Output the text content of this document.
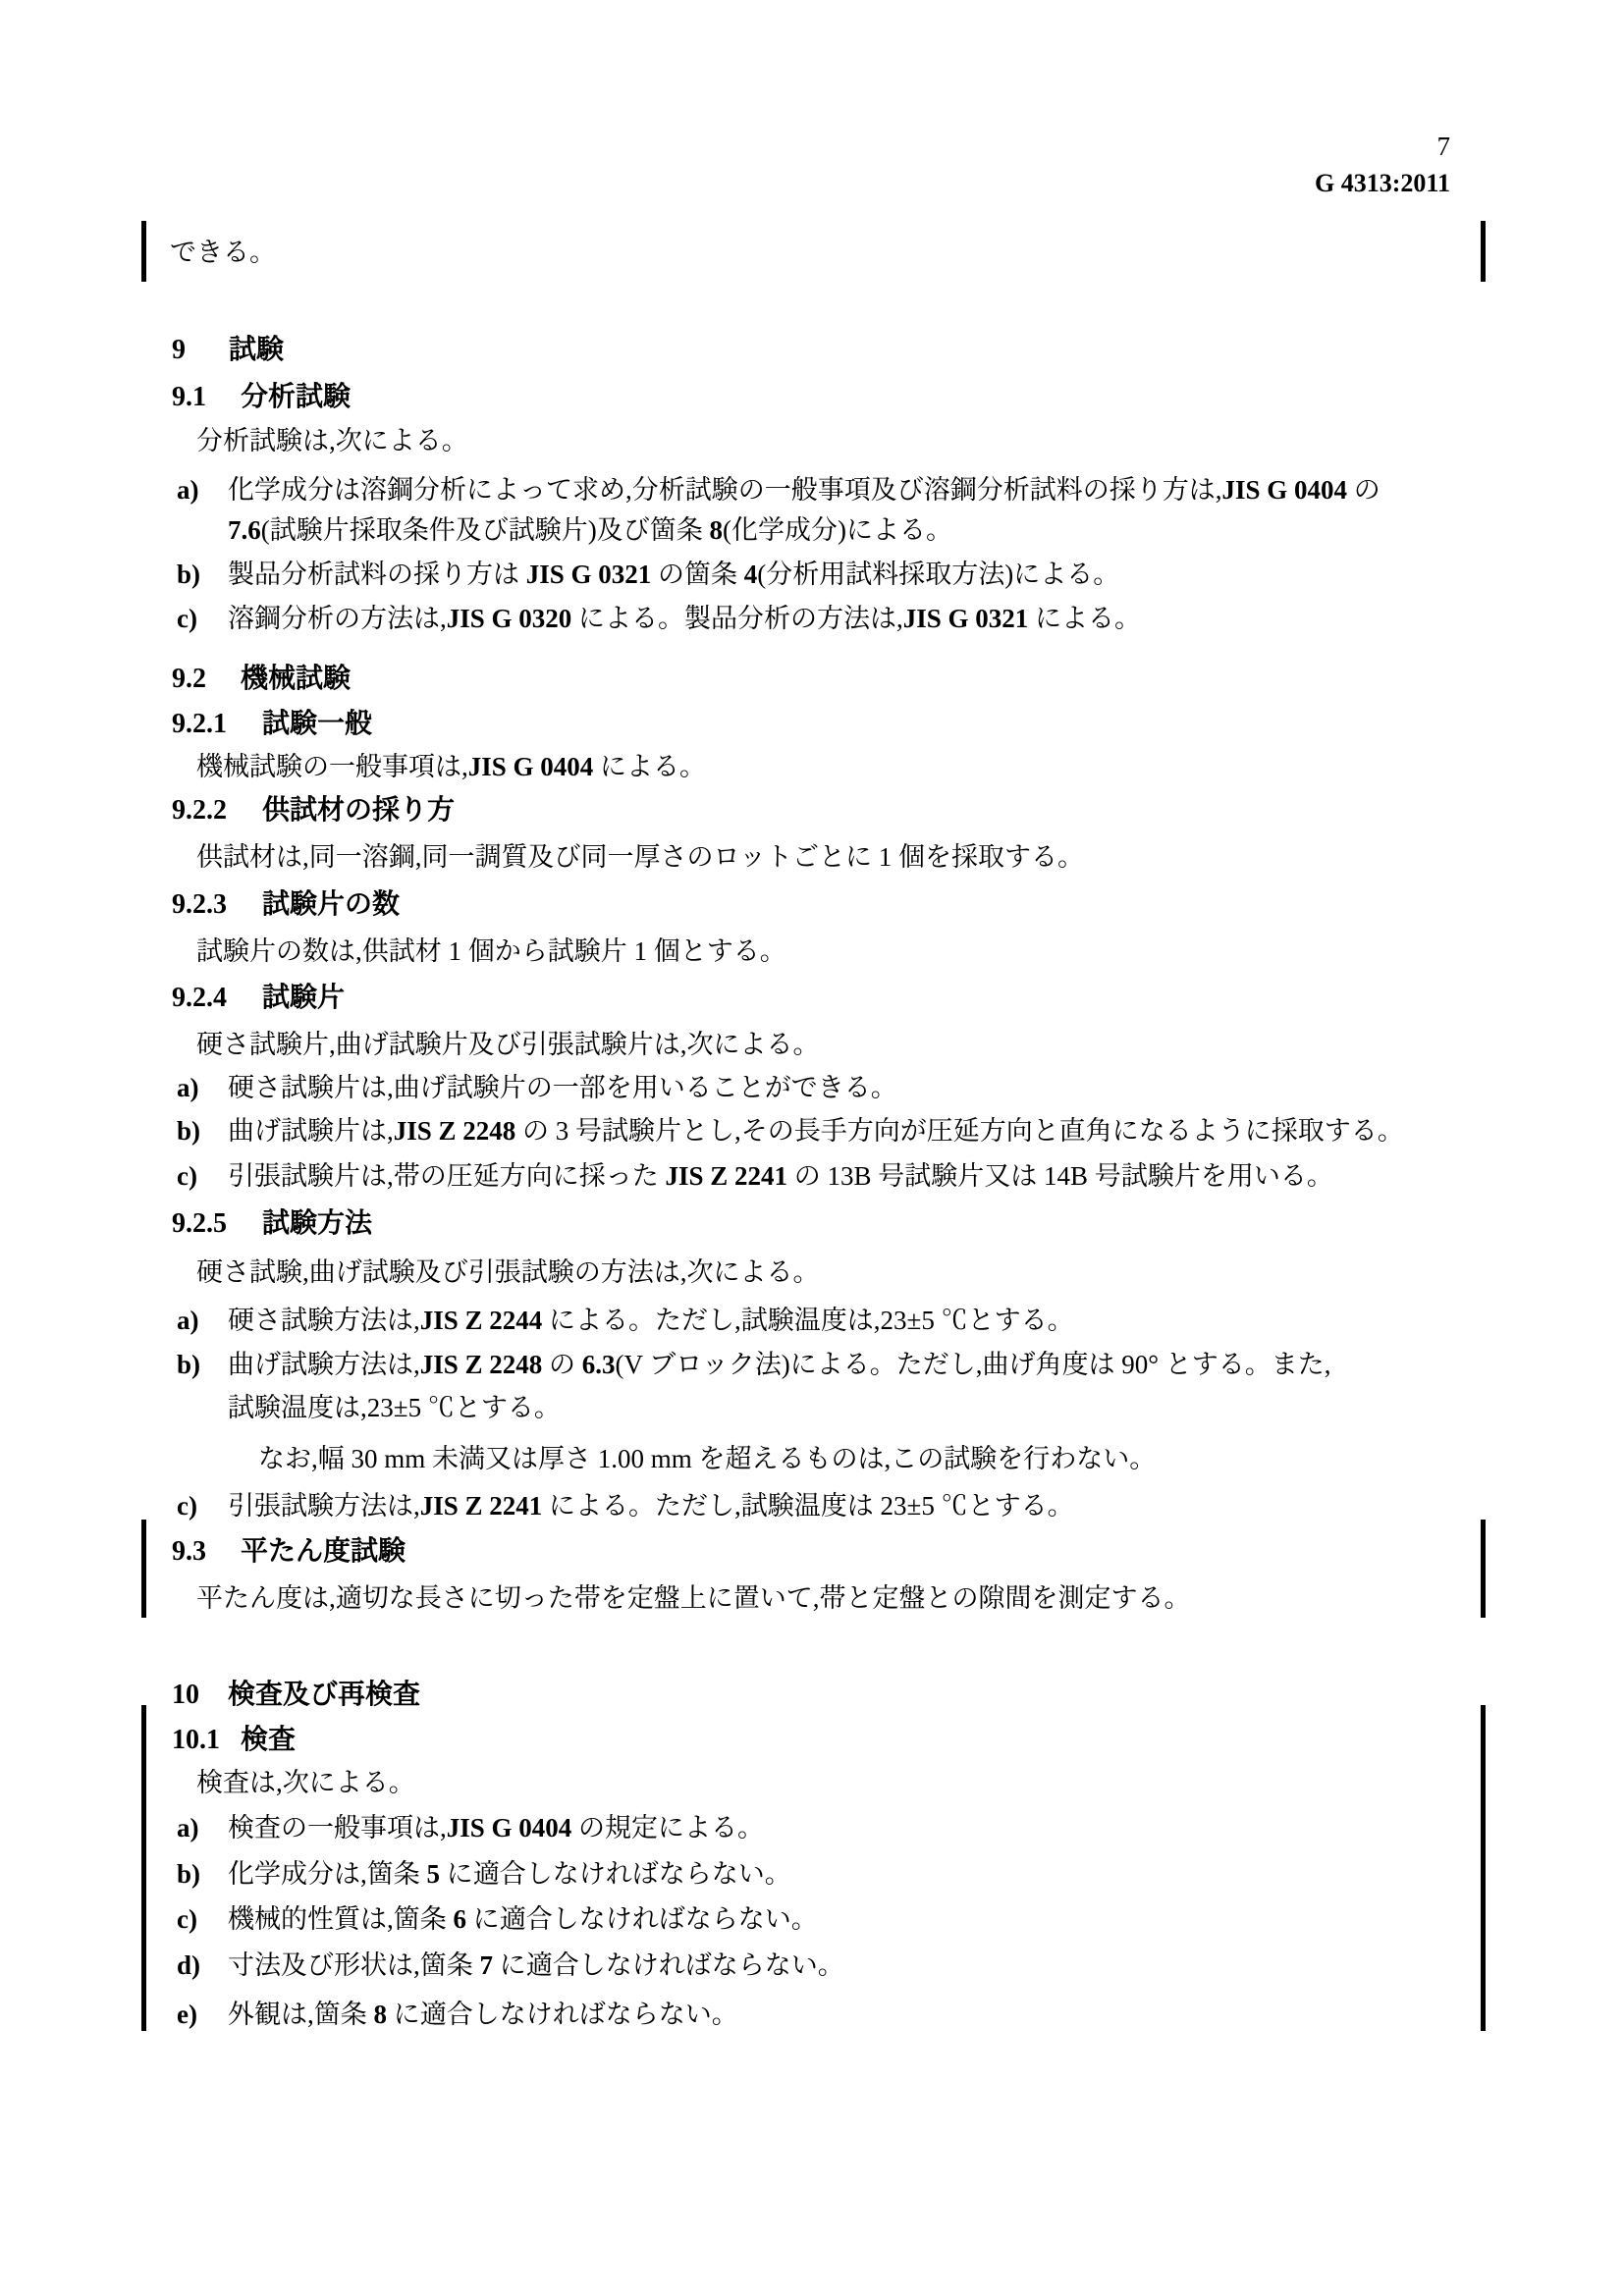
7
G 4313:2011
できる。
9 試験
9.1 分析試験
分析試験は,次による。
a) 化学成分は溶鋼分析によって求め,分析試験の一般事項及び溶鋼分析試料の採り方は,JIS G 0404 の
7.6(試験片採取条件及び試験片)及び箇条 8(化学成分)による。
b) 製品分析試料の採り方は JIS G 0321 の箇条 4(分析用試料採取方法)による。
c) 溶鋼分析の方法は,JIS G 0320 による。製品分析の方法は,JIS G 0321 による。
9.2 機械試験
9.2.1 試験一般
機械試験の一般事項は,JIS G 0404 による。
9.2.2 供試材の採り方
供試材は,同一溶鋼,同一調質及び同一厚さのロットごとに 1 個を採取する。
9.2.3 試験片の数
試験片の数は,供試材 1 個から試験片 1 個とする。
9.2.4 試験片
硬さ試験片,曲げ試験片及び引張試験片は,次による。
a) 硬さ試験片は,曲げ試験片の一部を用いることができる。
b) 曲げ試験片は,JIS Z 2248 の 3 号試験片とし,その長手方向が圧延方向と直角になるように採取する。
c) 引張試験片は,帯の圧延方向に採った JIS Z 2241 の 13B 号試験片又は 14B 号試験片を用いる。
9.2.5 試験方法
硬さ試験,曲げ試験及び引張試験の方法は,次による。
a) 硬さ試験方法は,JIS Z 2244 による。ただし,試験温度は,23±5 ℃とする。
b) 曲げ試験方法は,JIS Z 2248 の 6.3(V ブロック法)による。ただし,曲げ角度は 90° とする。また,
試験温度は,23±5 ℃とする。
なお,幅 30 mm 未満又は厚さ 1.00 mm を超えるものは,この試験を行わない。
c) 引張試験方法は,JIS Z 2241 による。ただし,試験温度は 23±5 ℃とする。
9.3 平たん度試験
平たん度は,適切な長さに切った帯を定盤上に置いて,帯と定盤との隙間を測定する。
10 検査及び再検査
10.1 検査
検査は,次による。
a) 検査の一般事項は,JIS G 0404 の規定による。
b) 化学成分は,箇条 5 に適合しなければならない。
c) 機械的性質は,箇条 6 に適合しなければならない。
d) 寸法及び形状は,箇条 7 に適合しなければならない。
e) 外観は,箇条 8 に適合しなければならない。
